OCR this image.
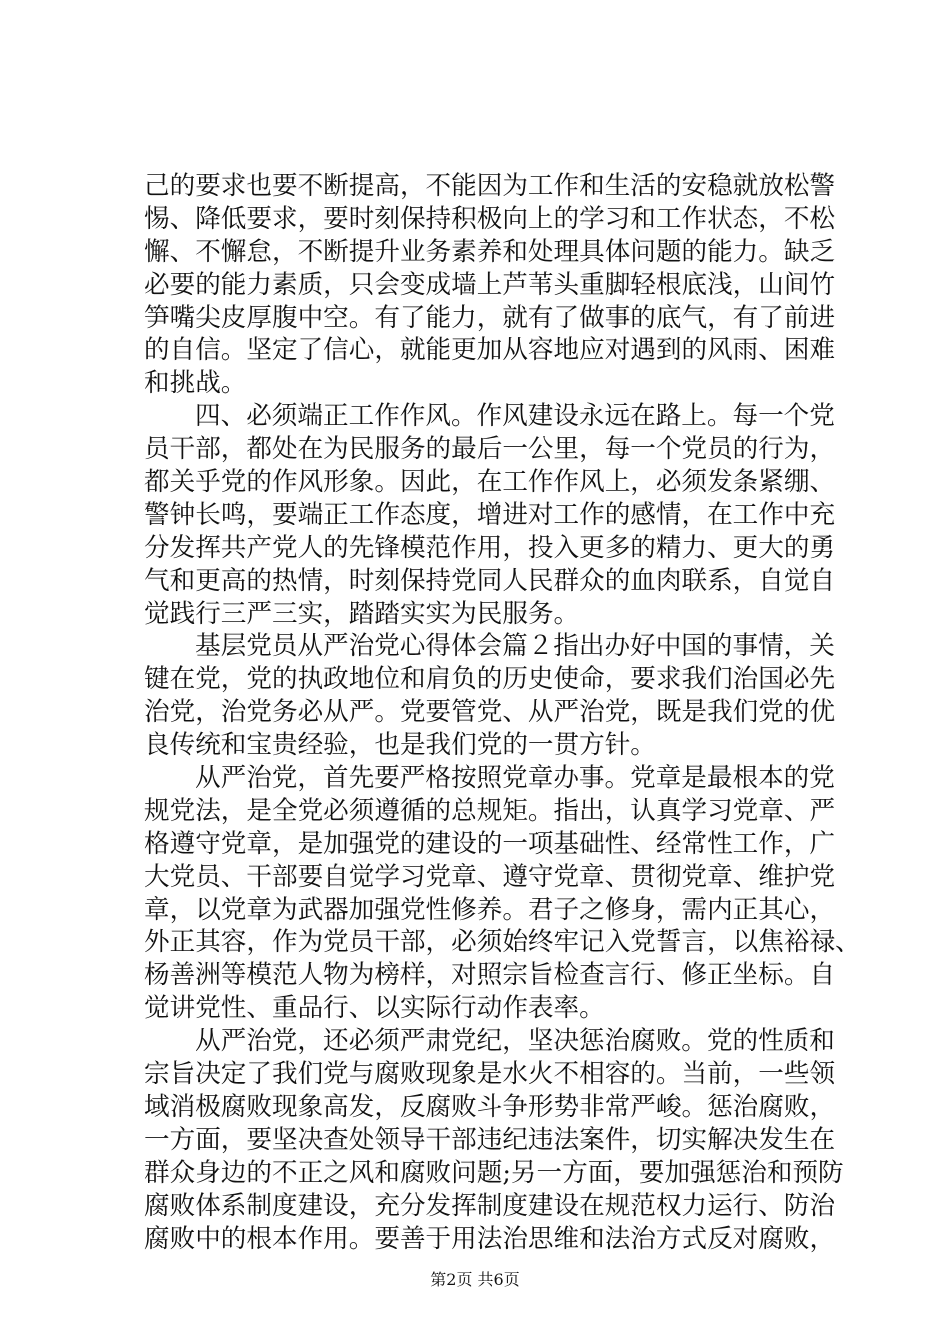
己的要求也要不断提高，不能因为工作和生活的安稳就放松警
惕、降低要求，要时刻保持积极向上的学习和工作状态，不松
懈、不懈怠，不断提升业务素养和处理具体问题的能力。缺乏
必要的能力素质，只会变成墙上芦苇头重脚轻根底浅，山间竹
笋嘴尖皮厚腹中空。有了能力，就有了做事的底气，有了前进
的自信。坚定了信心，就能更加从容地应对遇到的风雨、困难
和挑战。
四、必须端正工作作风。作风建设永远在路上。每一个党
员干部，都处在为民服务的最后一公里，每一个党员的行为，
都关乎党的作风形象。因此，在工作作风上，必须发条紧绷、
警钟长鸣，要端正工作态度，增进对工作的感情，在工作中充
分发挥共产党人的先锋模范作用，投入更多的精力、更大的勇
气和更高的热情，时刻保持党同人民群众的血肉联系，自觉自
觉践行三严三实，踏踏实实为民服务。
基层党员从严治党心得体会篇２指出办好中国的事情，关
键在党，党的执政地位和肩负的历史使命，要求我们治国必先
治党，治党务必从严。党要管党、从严治党，既是我们党的优
良传统和宝贵经验，也是我们党的一贯方针。
从严治党，首先要严格按照党章办事。党章是最根本的党
规党法，是全党必须遵循的总规矩。指出，认真学习党章、严
格遵守党章，是加强党的建设的一项基础性、经常性工作，广
大党员、干部要自觉学习党章、遵守党章、贯彻党章、维护党
章，以党章为武器加强党性修养。君子之修身，需内正其心，
外正其容，作为党员干部，必须始终牢记入党誓言，以焦裕禄、
杨善洲等模范人物为榜样，对照宗旨检查言行、修正坐标。自
觉讲党性、重品行、以实际行动作表率。
从严治党，还必须严肃党纪，坚决惩治腐败。党的性质和
宗旨决定了我们党与腐败现象是水火不相容的。当前，一些领
域消极腐败现象高发，反腐败斗争形势非常严峻。惩治腐败，
一方面，要坚决查处领导干部违纪违法案件，切实解决发生在
群众身边的不正之风和腐败问题;另一方面，要加强惩治和预防
腐败体系制度建设，充分发挥制度建设在规范权力运行、防治
腐败中的根本作用。要善于用法治思维和法治方式反对腐败，
第2页 共6页
